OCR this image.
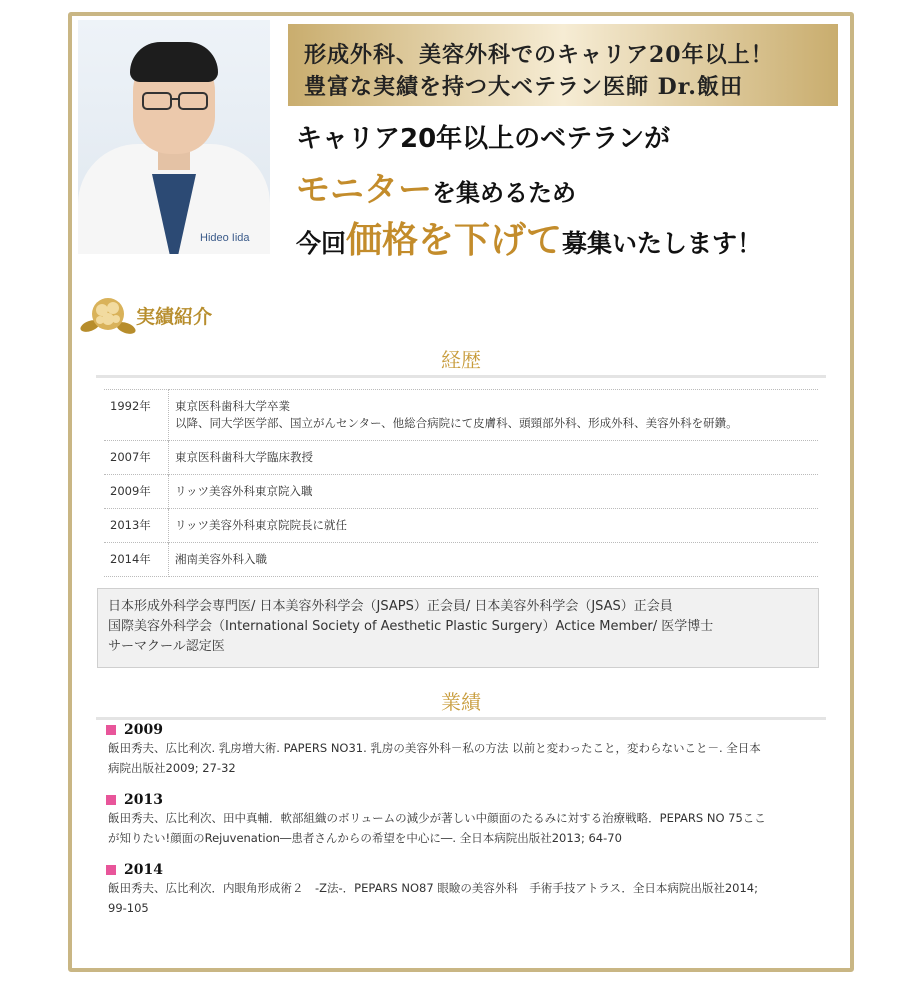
Hideo Iida
形成外科、美容外科でのキャリア20年以上！
豊富な実績を持つ大ベテラン医師 Dr.飯田
キャリア20年以上のベテランが
モニターを集めるため
今回価格を下げて募集いたします！
実績紹介
経歴
1992年	東京医科歯科大学卒業
以降、同大学医学部、国立がんセンター、他総合病院にて皮膚科、頭頸部外科、形成外科、美容外科を研鑽。

2007年	東京医科歯科大学臨床教授
2009年	リッツ美容外科東京院入職
2013年	リッツ美容外科東京院院長に就任
2014年	湘南美容外科入職
日本形成外科学会専門医/ 日本美容外科学会（JSAPS）正会員/ 日本美容外科学会（JSAS）正会員
国際美容外科学会（International Society of Aesthetic Plastic Surgery）Actice Member/ 医学博士
サーマクール認定医
業績
2009
飯田秀夫、広比利次. 乳房増大術. PAPERS NO31. 乳房の美容外科－私の方法 以前と変わったこと，変わらないこと－. 全日本
病院出版社2009; 27-32
2013
飯田秀夫、広比利次、田中真輔．軟部組織のボリュームの減少が著しい中顔面のたるみに対する治療戦略．PEPARS NO 75ここ
が知りたい!顔面のRejuvenation―患者さんからの希望を中心に―. 全日本病院出版社2013; 64-70
2014
飯田秀夫、広比利次．内眼角形成術２　-Z法-．PEPARS NO87 眼瞼の美容外科　手術手技アトラス．全日本病院出版社2014;
99-105
